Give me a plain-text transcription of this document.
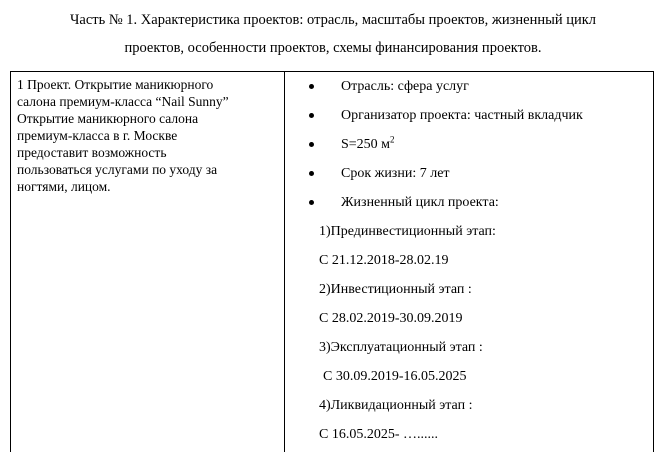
Часть № 1. Характеристика проектов: отрасль, масштабы проектов, жизненный цикл
проектов, особенности проектов, схемы финансирования проектов.
1 Проект. Открытие маникюрного
салона премиум-класса “Nail Sunny”
Открытие маникюрного салона
премиум-класса в г. Москве
предоставит возможность
пользоваться услугами по уходу за
ногтями, лицом.

Отрасль: сфера услуг
Организатор проекта: частный вкладчик
S=250 $м^2$
Срок жизни: 7 лет
Жизненный цикл проекта:
1)Прединвестиционный этап:
С 21.12.2018-28.02.19
2)Инвестиционный этап :
С 28.02.2019-30.09.2019
3)Эксплуатационный этап :
С 30.09.2019-16.05.2025
4)Ликвидационный этап :
С 16.05.2025- …......
